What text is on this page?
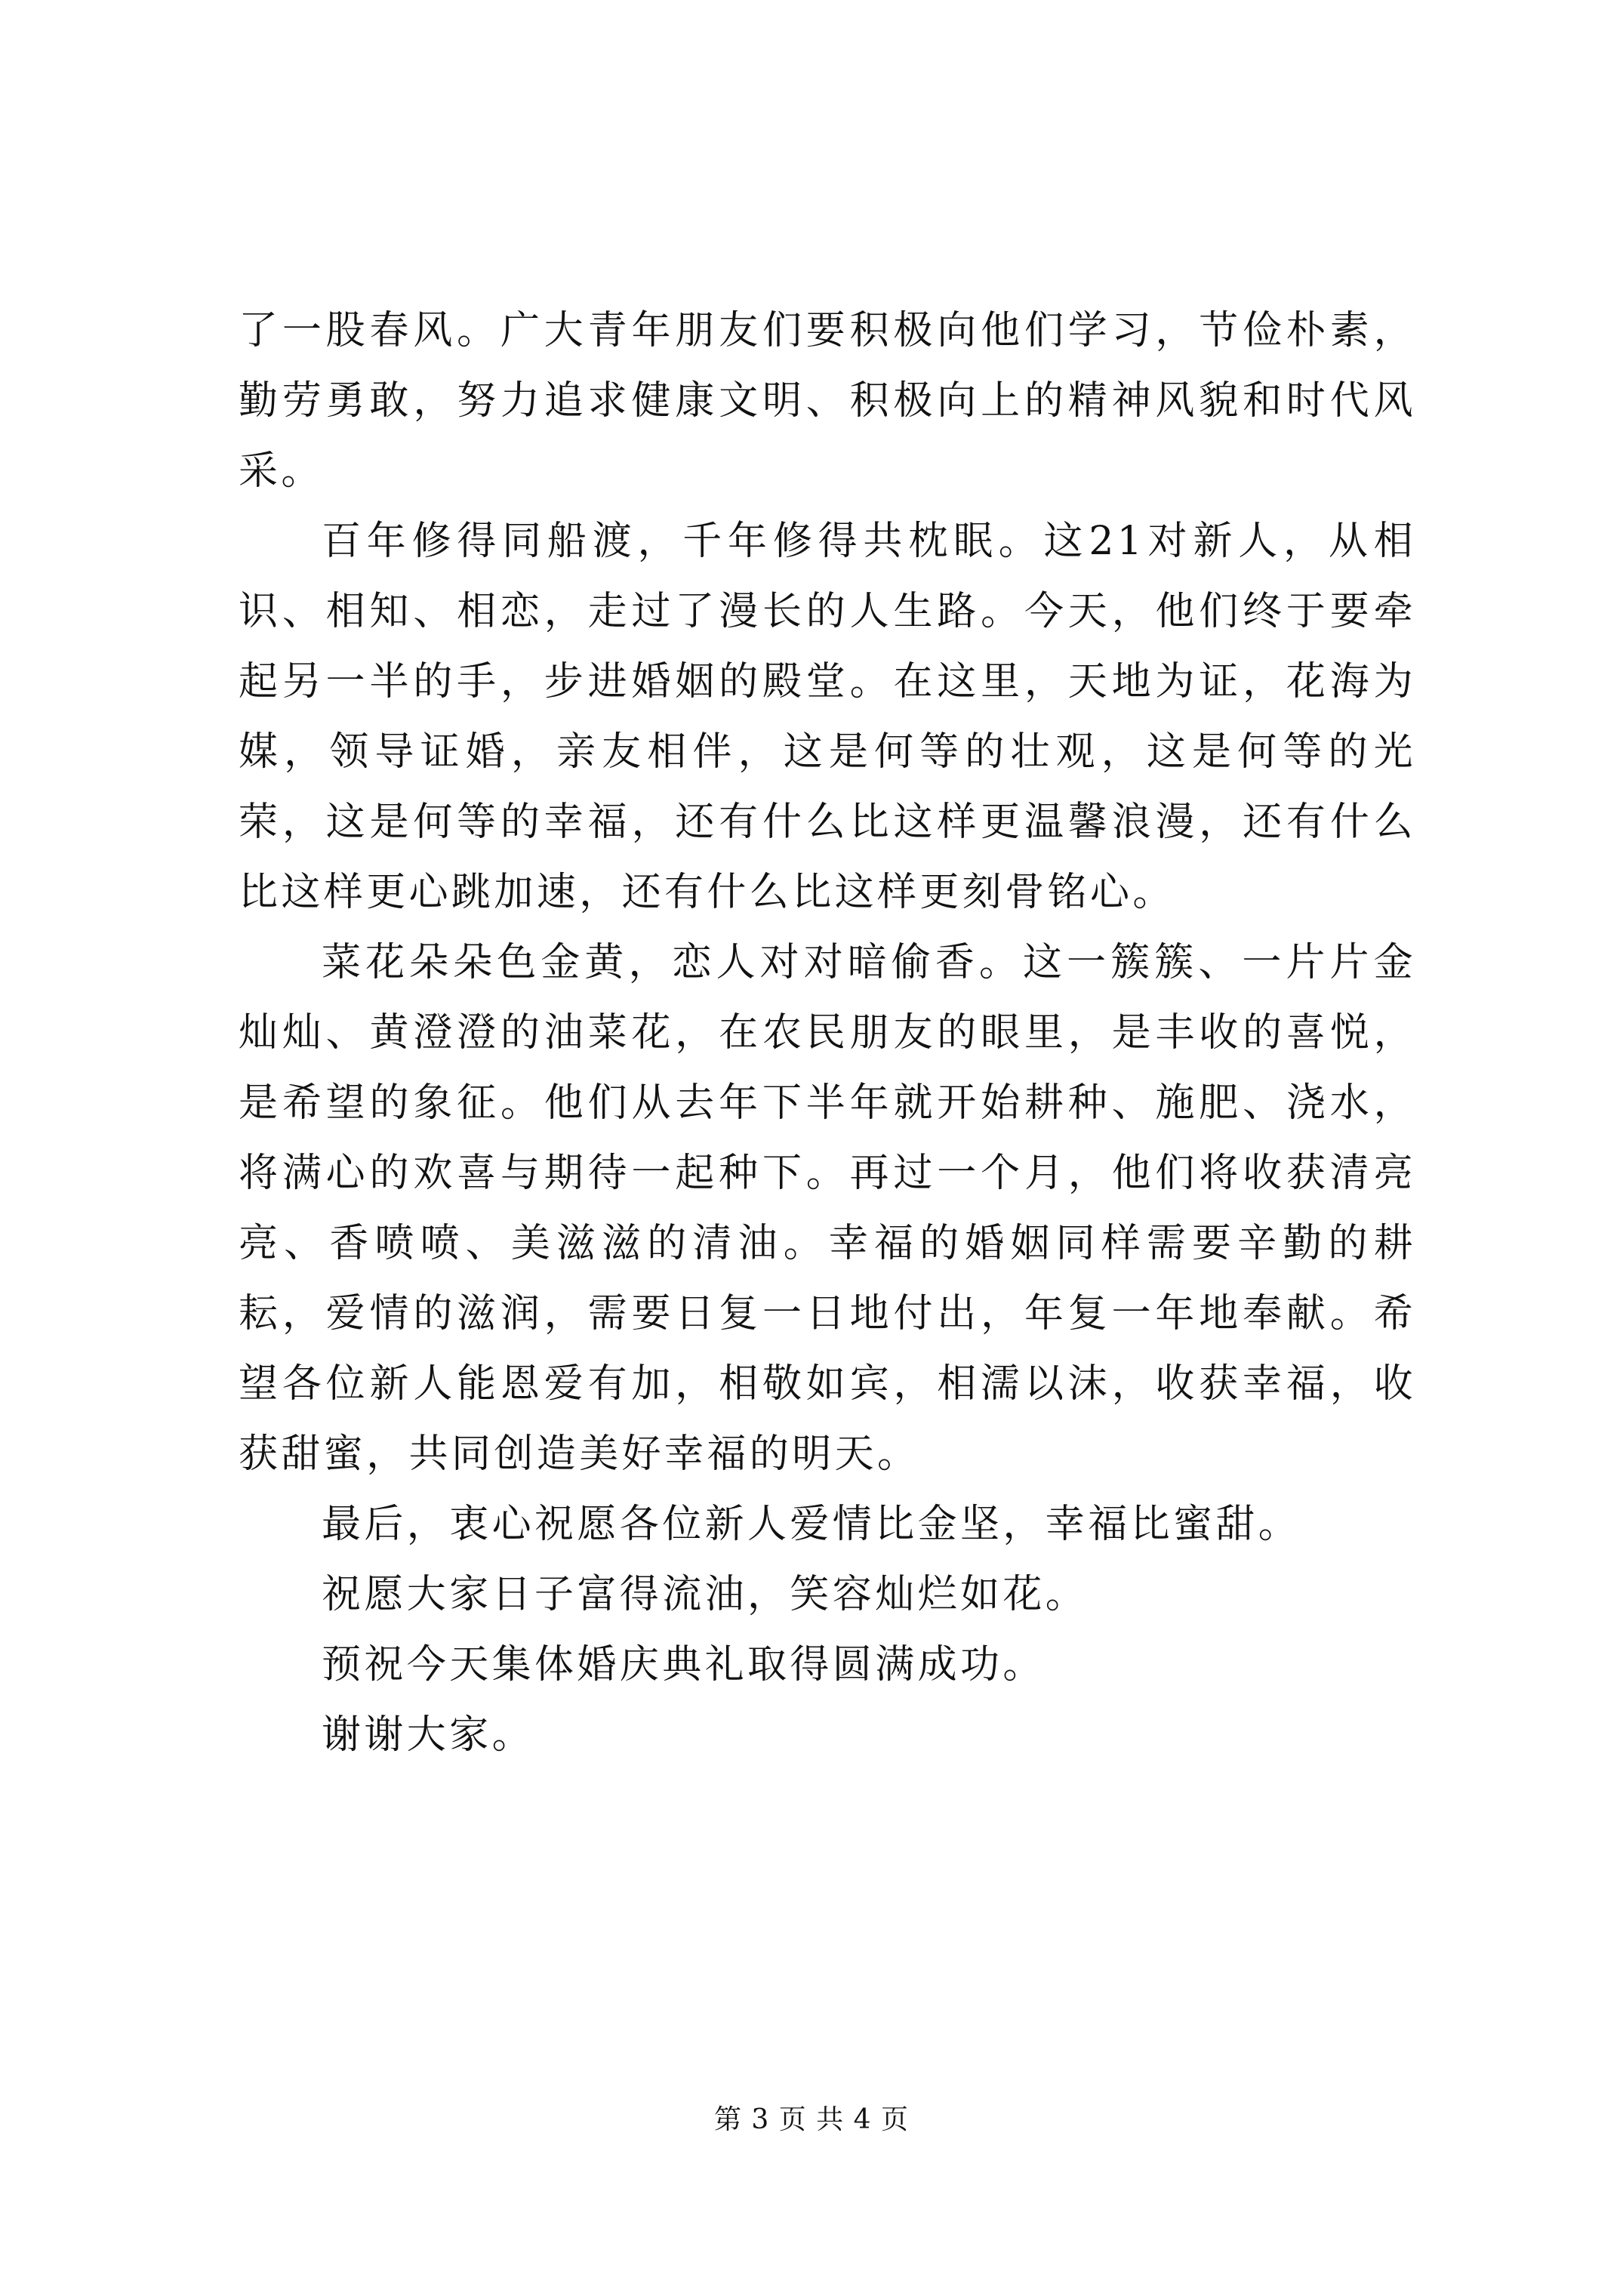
了一股春风。广大青年朋友们要积极向他们学习，节俭朴素，勤劳勇敢，努力追求健康文明、积极向上的精神风貌和时代风采。

百年修得同船渡，千年修得共枕眠。这21对新人，从相识、相知、相恋，走过了漫长的人生路。今天，他们终于要牵起另一半的手，步进婚姻的殿堂。在这里，天地为证，花海为媒，领导证婚，亲友相伴，这是何等的壮观，这是何等的光荣，这是何等的幸福，还有什么比这样更温馨浪漫，还有什么比这样更心跳加速，还有什么比这样更刻骨铭心。

菜花朵朵色金黄，恋人对对暗偷香。这一簇簇、一片片金灿灿、黄澄澄的油菜花，在农民朋友的眼里，是丰收的喜悦，是希望的象征。他们从去年下半年就开始耕种、施肥、浇水，将满心的欢喜与期待一起种下。再过一个月，他们将收获清亮亮、香喷喷、美滋滋的清油。幸福的婚姻同样需要辛勤的耕耘，爱情的滋润，需要日复一日地付出，年复一年地奉献。希望各位新人能恩爱有加，相敬如宾，相濡以沫，收获幸福，收获甜蜜，共同创造美好幸福的明天。

最后，衷心祝愿各位新人爱情比金坚，幸福比蜜甜。

祝愿大家日子富得流油，笑容灿烂如花。

预祝今天集体婚庆典礼取得圆满成功。

谢谢大家。

第 3 页 共 4 页
